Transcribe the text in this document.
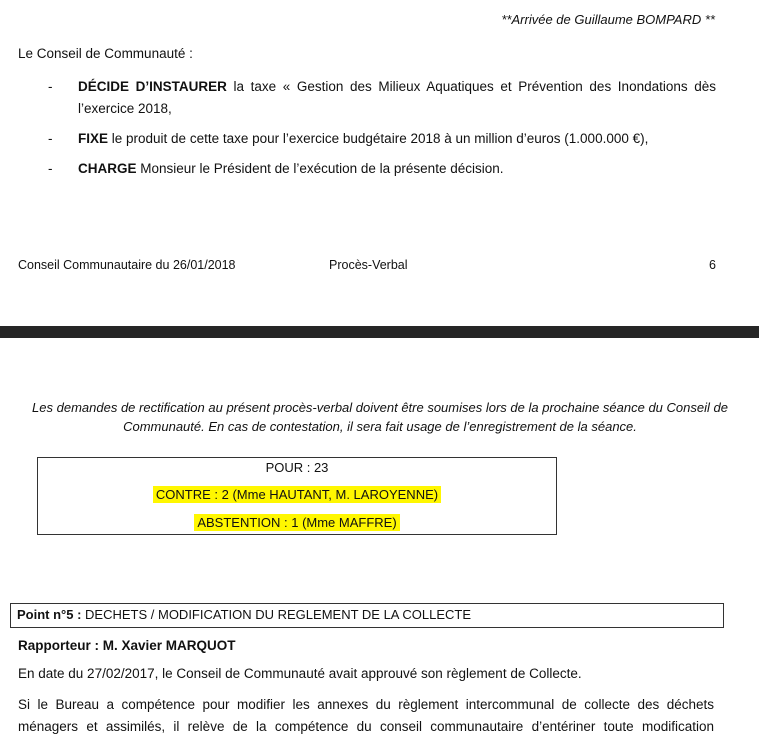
**Arrivée de Guillaume BOMPARD **
Le Conseil de Communauté :
- DÉCIDE D’INSTAURER la taxe « Gestion des Milieux Aquatiques et Prévention des Inondations dès l’exercice 2018,
- FIXE le produit de cette taxe pour l’exercice budgétaire 2018 à un million d’euros (1.000.000 €),
- CHARGE Monsieur le Président de l’exécution de la présente décision.
Conseil Communautaire du 26/01/2018	Procès-Verbal	6
Les demandes de rectification au présent procès-verbal doivent être soumises lors de la prochaine séance du Conseil de Communauté. En cas de contestation, il sera fait usage de l’enregistrement de la séance.
POUR : 23
CONTRE : 2 (Mme HAUTANT, M. LAROYENNE)
ABSTENTION : 1 (Mme MAFFRE)
Point n°5 : DECHETS / MODIFICATION DU REGLEMENT DE LA COLLECTE
Rapporteur : M. Xavier MARQUOT
En date du 27/02/2017, le Conseil de Communauté avait approuvé son règlement de Collecte.
Si le Bureau a compétence pour modifier les annexes du règlement intercommunal de collecte des déchets ménagers et assimilés, il relève de la compétence du conseil communautaire d’entériner toute modification
